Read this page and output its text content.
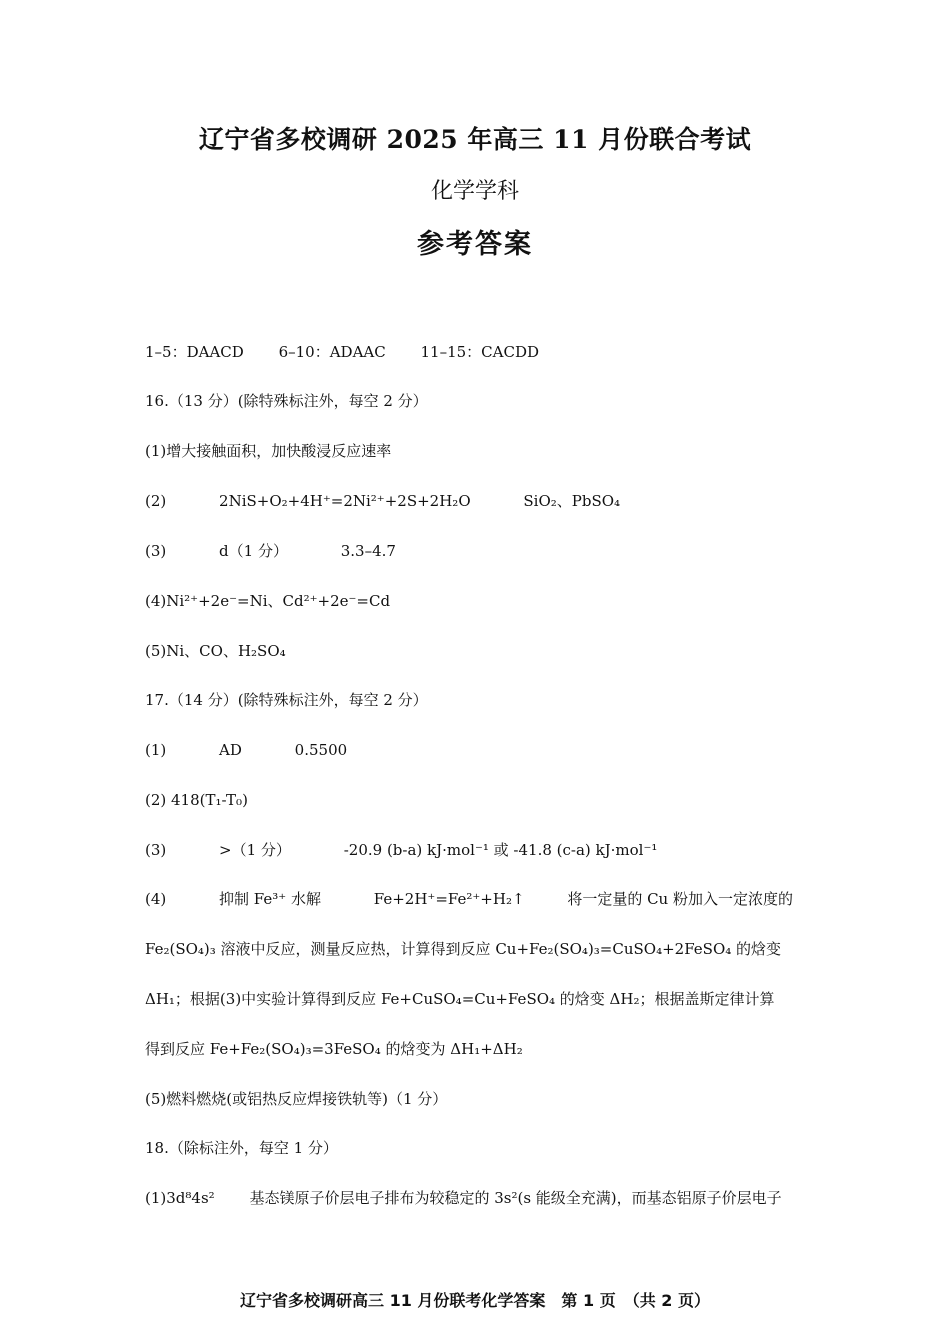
辽宁省多校调研 2025 年高三 11 月份联合考试
化学学科
参考答案
1–5：DAACD 6–10：ADAAC 11–15：CACDD
16.（13 分）(除特殊标注外，每空 2 分）
(1)增大接触面积，加快酸浸反应速率
(2)	2NiS+O₂+4H⁺=2Ni²⁺+2S+2H₂O	SiO₂、PbSO₄
(3)	d（1 分）	3.3–4.7
(4)Ni²⁺+2e⁻=Ni、Cd²⁺+2e⁻=Cd
(5)Ni、CO、H₂SO₄
17.（14 分）(除特殊标注外，每空 2 分）
(1)	AD	0.5500
(2) 418(T₁-T₀)
(3)	>（1 分）	-20.9 (b-a) kJ·mol⁻¹ 或 -41.8 (c-a) kJ·mol⁻¹
(4)	抑制 Fe³⁺ 水解	Fe+2H⁺=Fe²⁺+H₂↑	将一定量的 Cu 粉加入一定浓度的
Fe₂(SO₄)₃ 溶液中反应，测量反应热，计算得到反应 Cu+Fe₂(SO₄)₃=CuSO₄+2FeSO₄ 的焓变
ΔH₁；根据(3)中实验计算得到反应 Fe+CuSO₄=Cu+FeSO₄ 的焓变 ΔH₂；根据盖斯定律计算
得到反应 Fe+Fe₂(SO₄)₃=3FeSO₄ 的焓变为 ΔH₁+ΔH₂
(5)燃料燃烧(或铝热反应焊接铁轨等)（1 分）
18.（除标注外，每空 1 分）
(1)3d⁸4s² 基态镁原子价层电子排布为较稳定的 3s²(s 能级全充满)，而基态铝原子价层电子
辽宁省多校调研高三 11 月份联考化学答案　第 1 页　（共 2 页）
